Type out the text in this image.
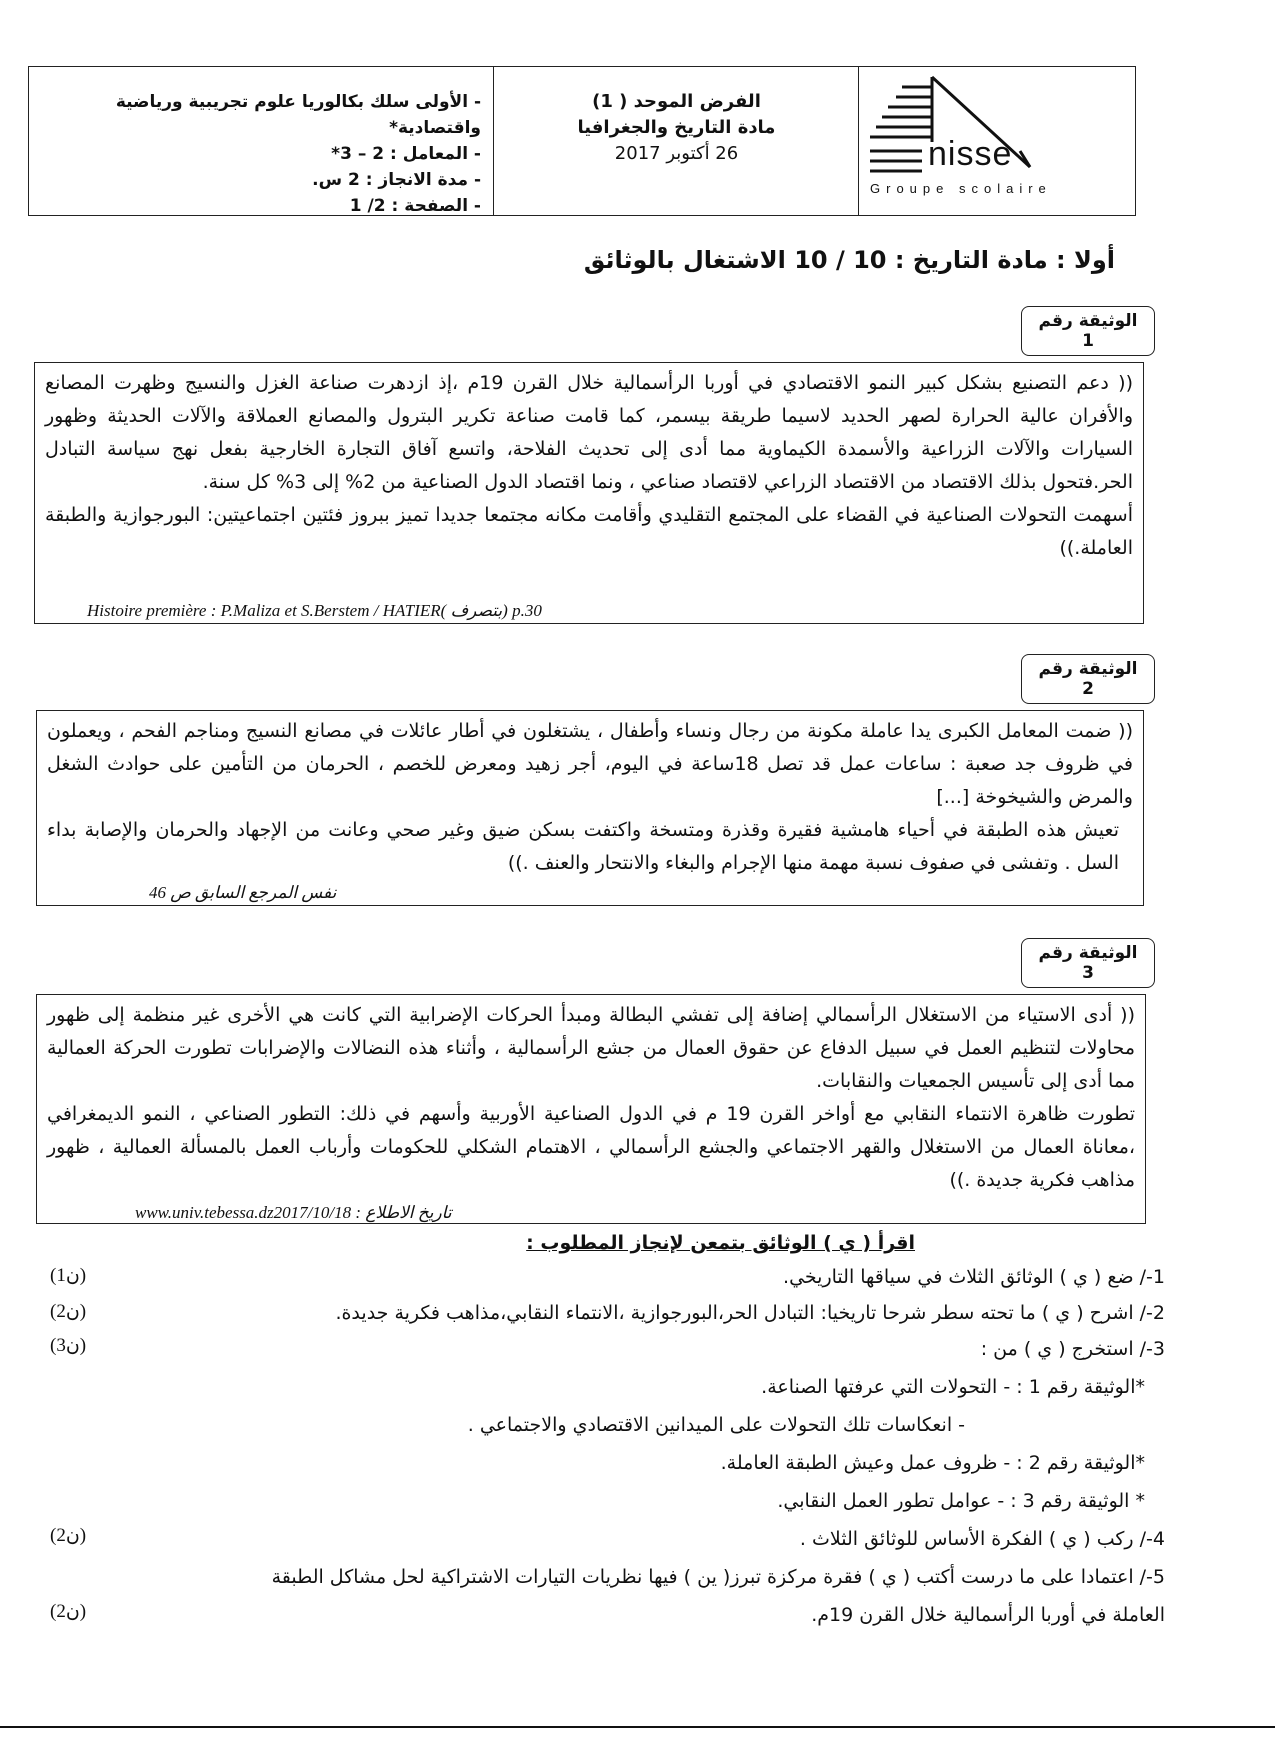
- الأولى سلك بكالوريا علوم تجريبية ورياضية واقتصادية*
- المعامل : 2 – 3*
- مدة الانجاز : 2 س.
- الصفحة : 2/ 1
الفرض الموحد ( 1)
مادة التاريخ والجغرافيا
26 أكتوبر 2017	nisse
Groupe scolaire
أولا : مادة التاريخ : 10 / 10 الاشتغال بالوثائق
الوثيقة رقم 1

(( دعم التصنيع بشكل كبير النمو الاقتصادي في أوربا الرأسمالية خلال القرن 19م ،إذ ازدهرت صناعة الغزل والنسيج وظهرت المصانع والأفران عالية الحرارة لصهر الحديد لاسيما طريقة بيسمر، كما قامت صناعة تكرير البترول والمصانع العملاقة والآلات الحديثة وظهور السيارات والآلات الزراعية والأسمدة الكيماوية مما أدى إلى تحديث الفلاحة، واتسع آفاق التجارة الخارجية بفعل نهج سياسة التبادل الحر.فتحول بذلك الاقتصاد من الاقتصاد الزراعي لاقتصاد صناعي ، ونما اقتصاد الدول الصناعية من 2% إلى 3% كل سنة.

أسهمت التحولات الصناعية في القضاء على المجتمع التقليدي وأقامت مكانه مجتمعا جديدا تميز ببروز فئتين اجتماعيتين: البورجوازية والطبقة العاملة.))

Histoire première : P.Maliza et S.Berstem / HATIER( بتصرف) p.30
الوثيقة رقم 2

(( ضمت المعامل الكبرى يدا عاملة مكونة من رجال ونساء وأطفال ، يشتغلون في أطار عائلات في مصانع النسيج ومناجم الفحم ، ويعملون في ظروف جد صعبة : ساعات عمل قد تصل 18ساعة في اليوم، أجر زهيد ومعرض للخصم ، الحرمان من التأمين على حوادث الشغل والمرض والشيخوخة [...]

تعيش هذه الطبقة في أحياء هامشية فقيرة وقذرة ومتسخة واكتفت بسكن ضيق وغير صحي وعانت من الإجهاد والحرمان والإصابة بداء السل . وتفشى في صفوف نسبة مهمة منها الإجرام والبغاء والانتحار والعنف .))

نفس المرجع السابق ص 46
الوثيقة رقم 3

(( أدى الاستياء من الاستغلال الرأسمالي إضافة إلى تفشي البطالة ومبدأ الحركات الإضرابية التي كانت هي الأخرى غير منظمة إلى ظهور محاولات لتنظيم العمل في سبيل الدفاع عن حقوق العمال من جشع الرأسمالية ، وأثناء هذه النضالات والإضرابات تطورت الحركة العمالية مما أدى إلى تأسيس الجمعيات والنقابات.

تطورت ظاهرة الانتماء النقابي مع أواخر القرن 19 م في الدول الصناعية الأوربية وأسهم في ذلك: التطور الصناعي ، النمو الديمغرافي ،معاناة العمال من الاستغلال والقهر الاجتماعي والجشع الرأسمالي ، الاهتمام الشكلي للحكومات وأرباب العمل بالمسألة العمالية ، ظهور مذاهب فكرية جديدة .))

www.univ.tebessa.dz2017/10/18 : تاريخ الاطلاع
اقرأ ( ي ) الوثائق بتمعن لإنجاز المطلوب :
1-/ ضع ( ي ) الوثائق الثلاث في سياقها التاريخي.
(1ن)
2-/ اشرح ( ي ) ما تحته سطر شرحا تاريخيا: التبادل الحر،البورجوازية ،الانتماء النقابي،مذاهب فكرية جديدة.
(2ن)
3-/ استخرج ( ي ) من :
(3ن)
*الوثيقة رقم 1 : - التحولات التي عرفتها الصناعة.
- انعكاسات تلك التحولات على الميدانين الاقتصادي والاجتماعي .
*الوثيقة رقم 2 : - ظروف عمل وعيش الطبقة العاملة.
* الوثيقة رقم 3 : - عوامل تطور العمل النقابي.
4-/ ركب ( ي ) الفكرة الأساس للوثائق الثلاث .
(2ن)
5-/ اعتمادا على ما درست أكتب ( ي ) فقرة مركزة تبرز( ين ) فيها نظريات التيارات الاشتراكية لحل مشاكل الطبقة
العاملة في أوربا الرأسمالية خلال القرن 19م.
(2ن)
